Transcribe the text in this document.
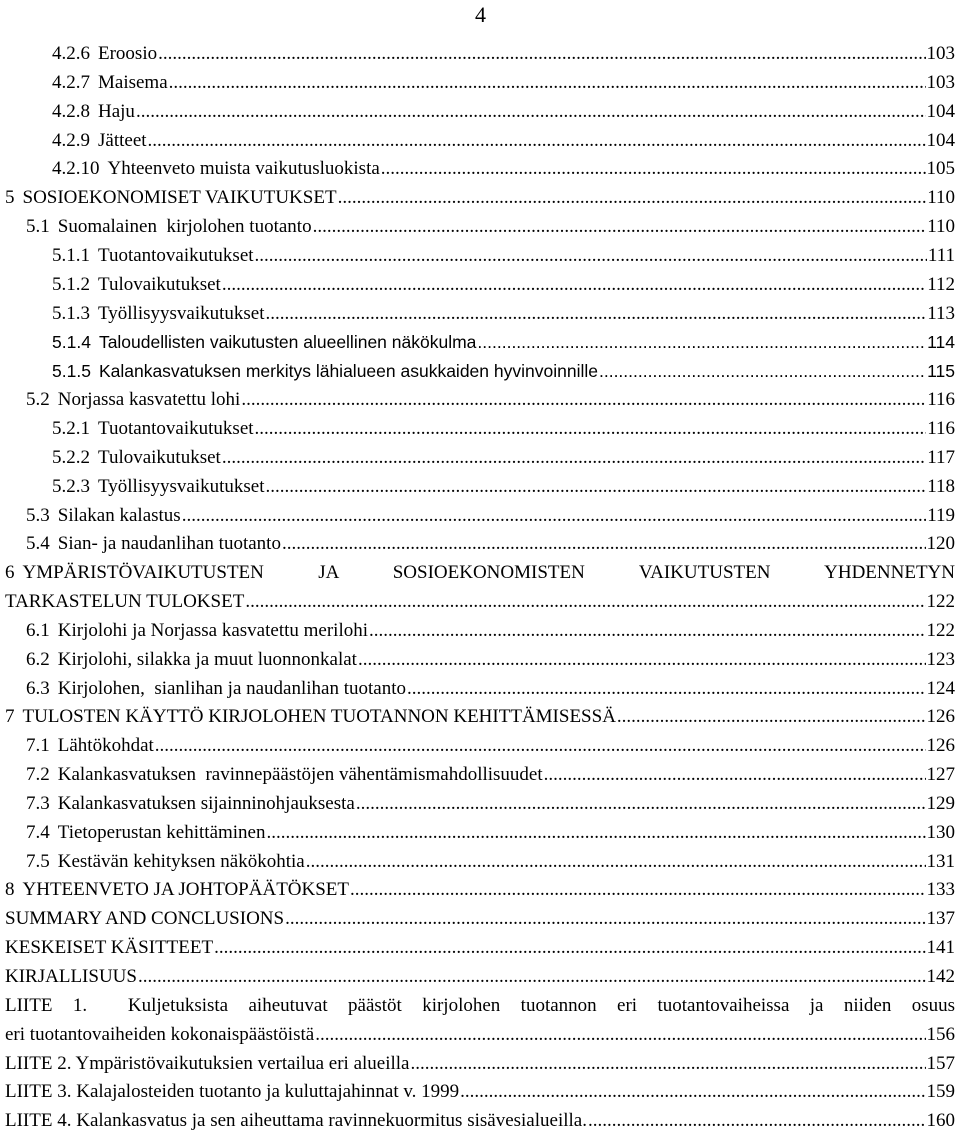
4
4.2.6 Eroosio .....	103
4.2.7 Maisema .....	103
4.2.8 Haju .....	104
4.2.9 Jätteet .....	104
4.2.10 Yhteenveto muista vaikutusluokista .....	105
5 SOSIOEKONOMISET VAIKUTUKSET .....	110
5.1 Suomalainen  kirjolohen tuotanto .....	110
5.1.1 Tuotantovaikutukset .....	111
5.1.2 Tulovaikutukset .....	112
5.1.3 Työllisyysvaikutukset .....	113
5.1.4 Taloudellisten vaikutusten alueellinen näkökulma .....	114
5.1.5 Kalankasvatuksen merkitys lähialueen asukkaiden hyvinvoinnille .....	115
5.2 Norjassa kasvatettu lohi .....	116
5.2.1 Tuotantovaikutukset .....	116
5.2.2 Tulovaikutukset .....	117
5.2.3 Työllisyysvaikutukset .....	118
5.3 Silakan kalastus .....	119
5.4 Sian- ja naudanlihan tuotanto .....	120
6 YMPÄRISTÖVAIKUTUSTEN JA SOSIOEKONOMISTEN VAIKUTUSTEN YHDENNETYN
TARKASTELUN TULOKSET .....	122
6.1 Kirjolohi ja Norjassa kasvatettu merilohi .....	122
6.2 Kirjolohi, silakka ja muut luonnonkalat .....	123
6.3 Kirjolohen,  sianlihan ja naudanlihan tuotanto .....	124
7 TULOSTEN KÄYTTÖ KIRJOLOHEN TUOTANNON KEHITTÄMISESSÄ .....	126
7.1 Lähtökohdat .....	126
7.2 Kalankasvatuksen  ravinnepäästöjen vähentämismahdollisuudet .....	127
7.3 Kalankasvatuksen sijainninohjauksesta .....	129
7.4 Tietoperustan kehittäminen .....	130
7.5 Kestävän kehityksen näkökohtia .....	131
8 YHTEENVETO JA JOHTOPÄÄTÖKSET .....	133
SUMMARY AND CONCLUSIONS .....	137
KESKEISET KÄSITTEET .....	141
KIRJALLISUUS .....	142
LIITE 1.  Kuljetuksista aiheutuvat päästöt kirjolohen tuotannon eri tuotantovaiheissa ja niiden osuus
eri tuotantovaiheiden kokonaispäästöistä .....	156
LIITE 2. Ympäristövaikutuksien vertailua eri alueilla .....	157
LIITE 3. Kalajalosteiden tuotanto ja kuluttajahinnat v. 1999 .....	159
LIITE 4. Kalankasvatus ja sen aiheuttama ravinnekuormitus sisävesialueilla. .....	160
